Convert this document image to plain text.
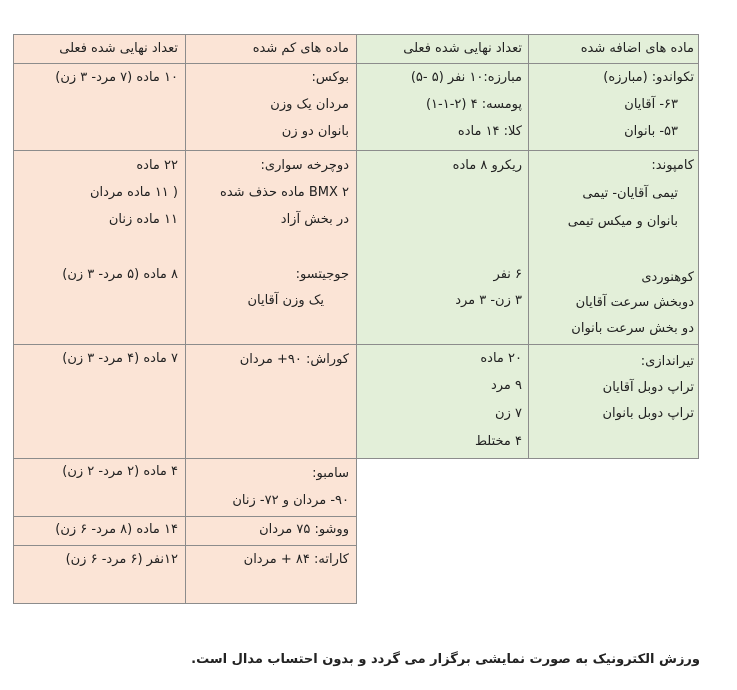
ماده های اضافه شده
تعداد نهایی شده فعلی
ماده های کم شده
تعداد نهایی شده فعلی
تکواندو: (مبارزه)
۶۳- آقایان
۵۳- بانوان
مبارزه:۱۰ نفر (۵ -۵)
پومسه: ۴ (۲-۱-۱)
کلا: ۱۴ ماده
بوکس:
مردان یک وزن
بانوان دو زن
۱۰ ماده (۷ مرد- ۳ زن)
کامپوند:
تیمی آقایان- تیمی
بانوان و میکس تیمی
کوهنوردی
دوبخش سرعت آقایان
دو بخش سرعت بانوان
ریکرو ۸ ماده
۶ نفر
۳ زن- ۳ مرد
دوچرخه سواری:
BMX ۲ ماده حذف شده
در بخش آزاد
جوجیتسو:
یک وزن آقایان
۲۲ ماده
( ۱۱ ماده مردان
۱۱ ماده زنان
۸ ماده (۵ مرد- ۳ زن)
تیراندازی:
تراپ دوبل آقایان
تراپ دوبل بانوان
۲۰ ماده
۹ مرد
۷ زن
۴ مختلط
کوراش: ۹۰+ مردان
۷ ماده (۴ مرد- ۳ زن)
سامبو:
۹۰- مردان و ۷۲- زنان
۴ ماده (۲ مرد- ۲ زن)
ووشو: ۷۵ مردان
۱۴ ماده (۸ مرد- ۶ زن)
کاراته: ۸۴ + مردان
۱۲نفر (۶ مرد- ۶ زن)
ورزش الکترونیک به صورت نمایشی برگزار می گردد و بدون احتساب مدال است.
